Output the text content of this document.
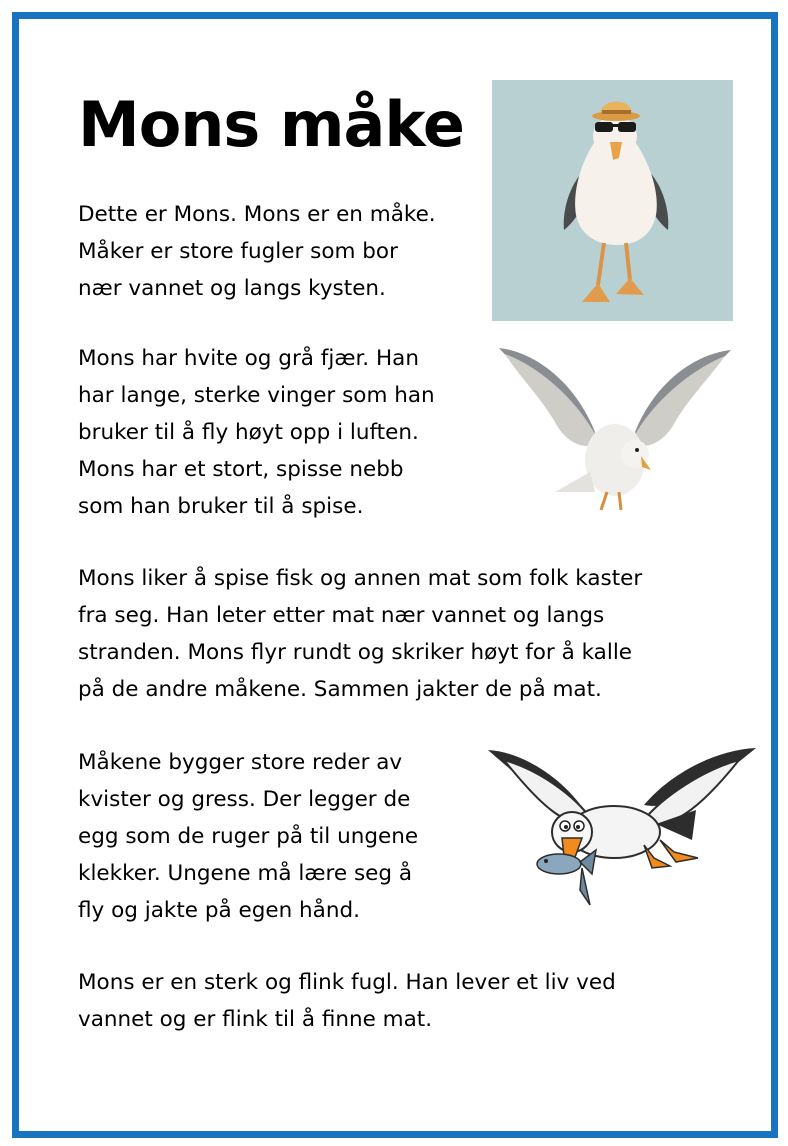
Mons måke

Dette er Mons. Mons er en måke.
Måker er store fugler som bor
nær vannet og langs kysten.

Mons har hvite og grå fjær. Han
har lange, sterke vinger som han
bruker til å fly høyt opp i luften.
Mons har et stort, spisse nebb
som han bruker til å spise.

Mons liker å spise fisk og annen mat som folk kaster
fra seg. Han leter etter mat nær vannet og langs
stranden. Mons flyr rundt og skriker høyt for å kalle
på de andre måkene. Sammen jakter de på mat.

Måkene bygger store reder av
kvister og gress. Der legger de
egg som de ruger på til ungene
klekker. Ungene må lære seg å
fly og jakte på egen hånd.

Mons er en sterk og flink fugl. Han lever et liv ved
vannet og er flink til å finne mat.
